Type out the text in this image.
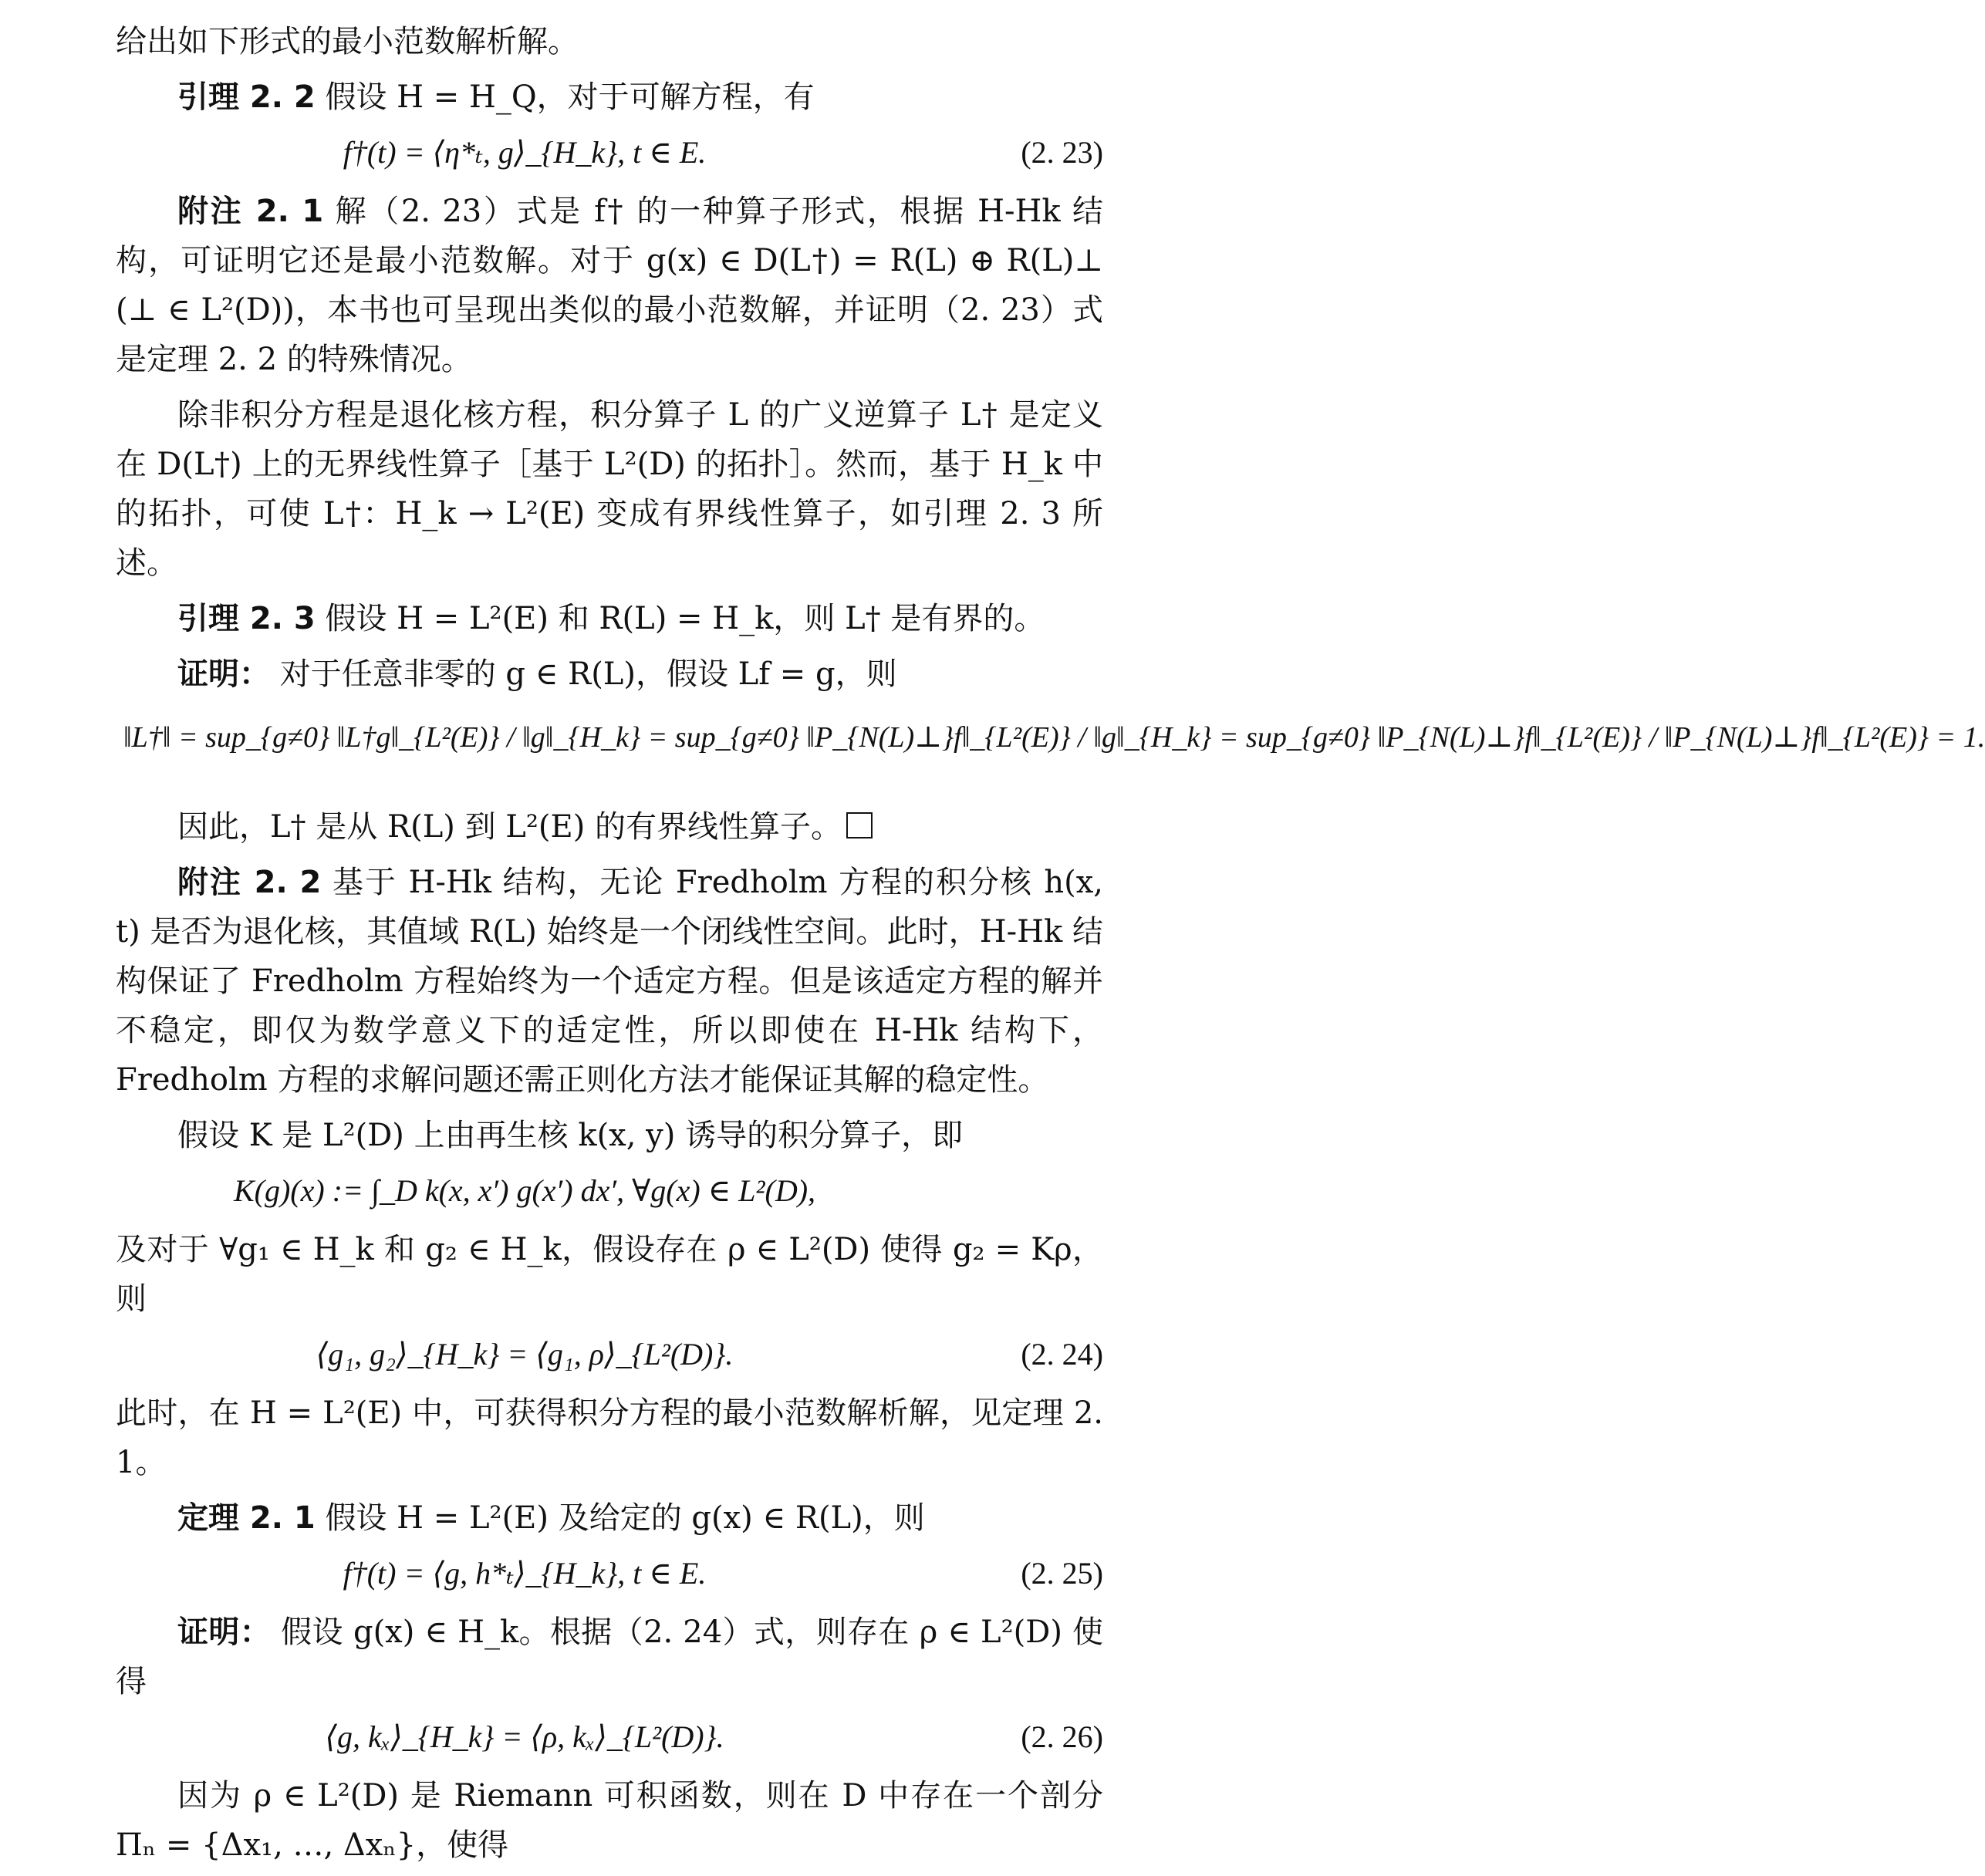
给出如下形式的最小范数解析解。

引理 2. 2 假设 H = H_Q，对于可解方程，有

f†(t) = ⟨η*ₜ, g⟩_{H_k}, t ∈ E.	(2. 23)

附注 2. 1 解（2. 23）式是 f† 的一种算子形式，根据 H-Hk 结构，可证明它还是最小范数解。对于 g(x) ∈ D(L†) = R(L) ⊕ R(L)⊥ (⊥ ∈ L²(D))，本书也可呈现出类似的最小范数解，并证明（2. 23）式是定理 2. 2 的特殊情况。

除非积分方程是退化核方程，积分算子 L 的广义逆算子 L† 是定义在 D(L†) 上的无界线性算子［基于 L²(D) 的拓扑］。然而，基于 H_k 中的拓扑，可使 L†：H_k → L²(E) 变成有界线性算子，如引理 2. 3 所述。

引理 2. 3 假设 H = L²(E) 和 R(L) = H_k，则 L† 是有界的。

证明： 对于任意非零的 g ∈ R(L)，假设 Lf = g，则

‖L†‖ = sup_{g≠0} ‖L†g‖_{L²(E)} / ‖g‖_{H_k} = sup_{g≠0} ‖P_{N(L)⊥}f‖_{L²(E)} / ‖g‖_{H_k} = sup_{g≠0} ‖P_{N(L)⊥}f‖_{L²(E)} / ‖P_{N(L)⊥}f‖_{L²(E)} = 1.

因此，L† 是从 R(L) 到 L²(E) 的有界线性算子。

附注 2. 2 基于 H-Hk 结构，无论 Fredholm 方程的积分核 h(x, t) 是否为退化核，其值域 R(L) 始终是一个闭线性空间。此时，H-Hk 结构保证了 Fredholm 方程始终为一个适定方程。但是该适定方程的解并不稳定，即仅为数学意义下的适定性，所以即使在 H-Hk 结构下，Fredholm 方程的求解问题还需正则化方法才能保证其解的稳定性。

假设 K 是 L²(D) 上由再生核 k(x, y) 诱导的积分算子，即

K(g)(x) := ∫_D k(x, x′) g(x′) dx′, ∀g(x) ∈ L²(D),

及对于 ∀g₁ ∈ H_k 和 g₂ ∈ H_k，假设存在 ρ ∈ L²(D) 使得 g₂ = Kρ，则

⟨g₁, g₂⟩_{H_k} = ⟨g₁, ρ⟩_{L²(D)}.	(2. 24)

此时，在 H = L²(E) 中，可获得积分方程的最小范数解析解，见定理 2. 1。

定理 2. 1 假设 H = L²(E) 及给定的 g(x) ∈ R(L)，则

f†(t) = ⟨g, h*ₜ⟩_{H_k}, t ∈ E.	(2. 25)

证明： 假设 g(x) ∈ H_k。根据（2. 24）式，则存在 ρ ∈ L²(D) 使得

⟨g, kₓ⟩_{H_k} = ⟨ρ, kₓ⟩_{L²(D)}.	(2. 26)

因为 ρ ∈ L²(D) 是 Riemann 可积函数，则在 D 中存在一个剖分 Πₙ = {Δx₁, …, Δxₙ}，使得
